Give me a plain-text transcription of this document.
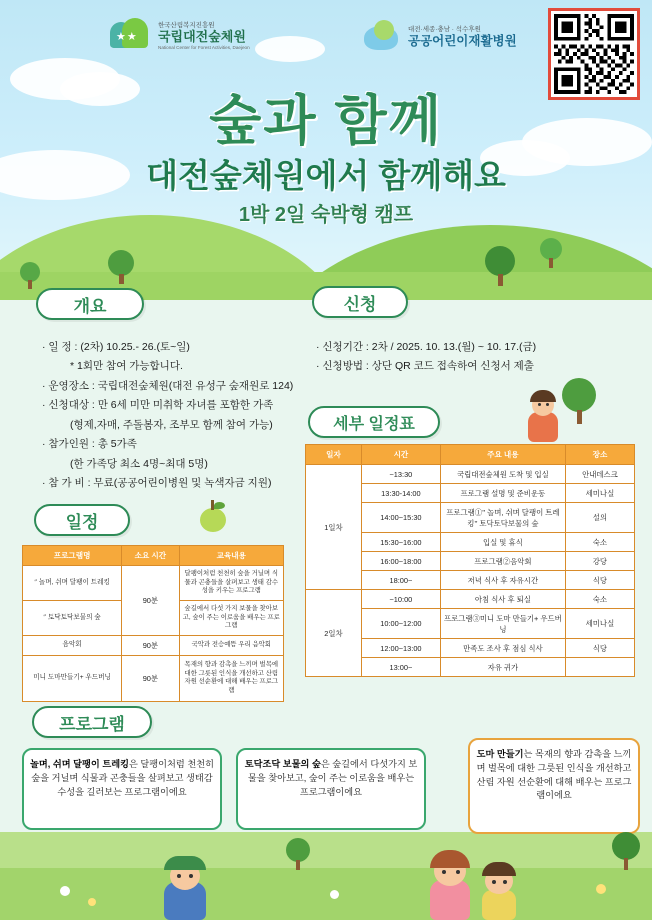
★★
한국산림복지진흥원
국립대전숲체원
National Center for Forest Activities, Daejeon
대전·세종·충남 · 석수후원
공공어린이재활병원
숲과 함께
대전숲체원에서 함께해요
1박 2일 숙박형 캠프
개요
· 일 정 : (2차) 10.25.- 26.(토~일)
* 1회만 참여 가능합니다.
· 운영장소 : 국립대전숲체원(대전 유성구 숲재원로 124)
· 신청대상 : 만 6세 미만 미취학 자녀를 포함한 가족
(형제,자매, 주돌봄자, 조부모 함께 참여 가능)
· 참가인원 : 총 5가족
(한 가족당 최소 4명~최대 5명)
· 참 가 비 : 무료(공공어린이병원 및 녹색자금 지원)
신청
· 신청기간 : 2차 / 2025. 10. 13.(월) ~ 10. 17.(금)
· 신청방법 : 상단 QR 코드 접속하여 신청서 제출
세부 일정표
일자	시간	주요 내용	장소
1일차	~13:30	국립대전숲체원 도착 및 입실	안내데스크
	13:30-14:00	프로그램 설명 및 준비운동	세미나실
	14:00~15:30	프로그램①’’ 놀며, 쉬며 달팽이 트레킹’’ 토닥토닥보물의 숲	설의
	15:30~16:00	입실 및 휴식	숙소
	16:00~18:00	프로그램②음악회	강당
	18:00~	저녁 식사 후 자유시간	식당
2일차	~10:00	아침 식사 후 퇴실	숙소
	10:00~12:00	프로그램③미니 도마 만들기+ 우드버닝	세미나실
	12:00~13:00	만족도 조사 후 점심 식사	식당
	13:00~	자유 귀가	
일정
프로그램명	소요 시간	교육내용
‘’ 놀며, 쉬며 달팽이 트레킹	90분	달팽이처럼 천천히 숲을 거닐며 식물과 곤충들을 살펴보고 생태 감수성을 키우는 프로그램
‘’ 토닥토닥보물의 숲		숲길에서 다섯 가지 보물을 찾아보고, 숲이 주는 이로움을 배우는 프로그램
음악회	90분	국악과 전승예뜸 우리 음악회
미니 도마만들기+ 우드버닝	90분	목재의 향과 감촉을 느끼며 벌목에 대한 그릇된 인식을 개선하고 산림자원 선순환에 대해 배우는 프로그램
프로그램
놀며, 쉬며 달팽이 트레킹은 달팽이처럼 천천히 숲을 거닐며 식물과 곤충들을 살펴보고 생태감수성을 길러보는 프로그램이에요
토닥조닥 보물의 숲은 숲길에서 다섯가지 보물을 찾아보고, 숲이 주는 이로움을 배우는 프로그램이에요
도마 만들기는 목재의 향과 감촉을 느끼며 벌목에 대한 그릇된 인식을 개선하고 산림 자원 선순환에 대해 배우는 프로그램이에요
